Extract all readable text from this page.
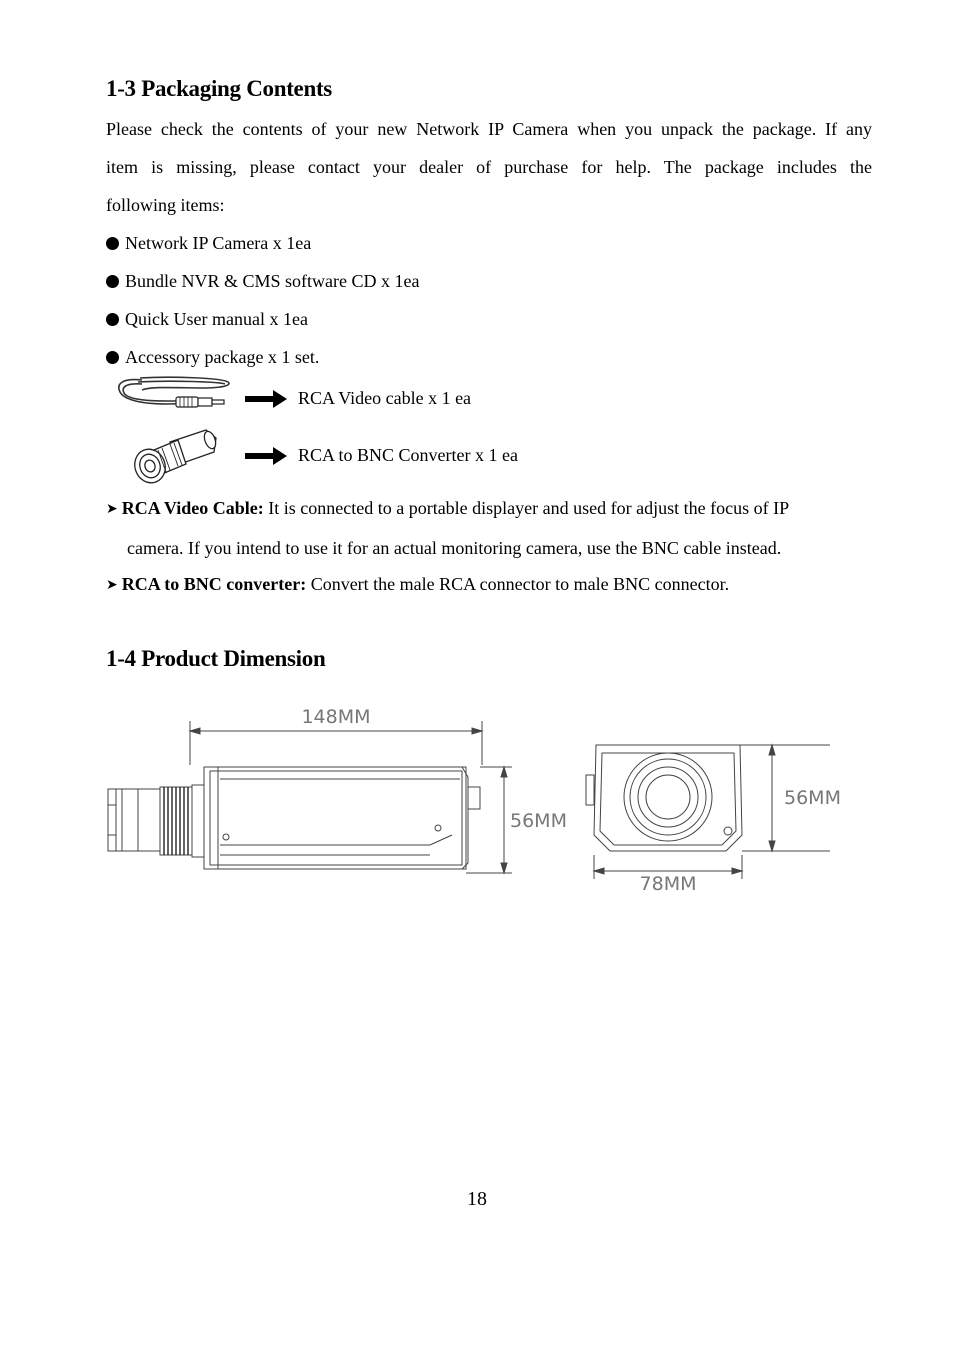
1-3 Packaging Contents
Please check the contents of your new Network IP Camera when you unpack the package. If any
item is missing, please contact your dealer of purchase for help. The package includes the
following items:
Network IP Camera x 1ea
Bundle NVR & CMS software CD x 1ea
Quick User manual x 1ea
Accessory package x 1 set.
RCA Video cable x 1 ea
RCA to BNC Converter x 1 ea
➤ RCA Video Cable: It is connected to a portable displayer and used for adjust the focus of IP
camera. If you intend to use it for an actual monitoring camera, use the BNC cable instead.
➤ RCA to BNC converter: Convert the male RCA connector to male BNC connector.
1-4 Product Dimension
148MM
56MM
56MM
78MM
18
